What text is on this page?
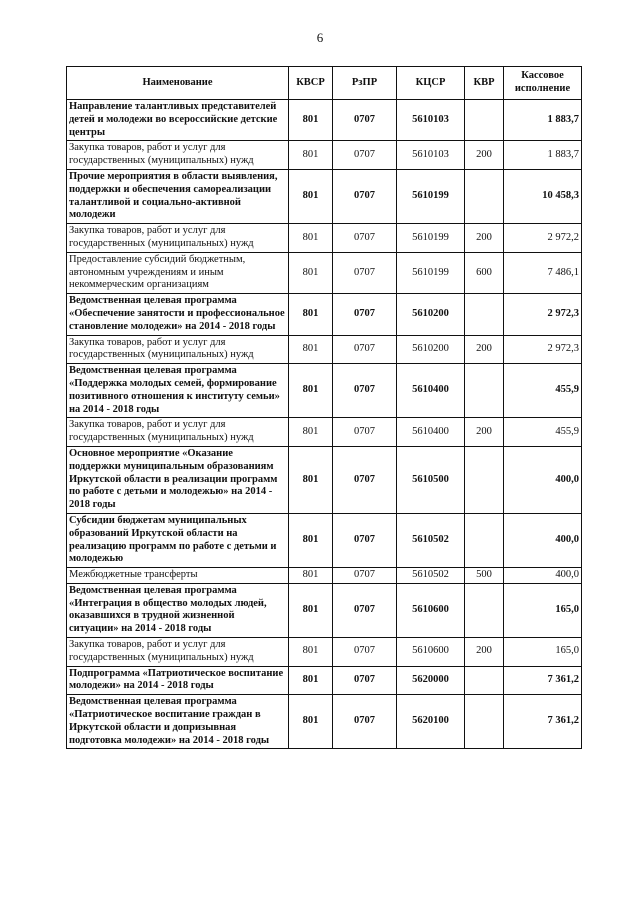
6
Наименование	КВСР	РзПР	КЦСР	КВР	Кассовое исполнение
Направление талантливых представителей детей и молодежи во всероссийские детские центры	801	0707	5610103		1 883,7
Закупка товаров, работ и услуг для государственных (муниципальных) нужд	801	0707	5610103	200	1 883,7
Прочие мероприятия в области выявления, поддержки и обеспечения самореализации талантливой и социально-активной молодежи	801	0707	5610199		10 458,3
Закупка товаров, работ и услуг для государственных (муниципальных) нужд	801	0707	5610199	200	2 972,2
Предоставление субсидий бюджетным, автономным учреждениям и иным некоммерческим организациям	801	0707	5610199	600	7 486,1
Ведомственная целевая программа «Обеспечение занятости и профессиональное становление молодежи» на 2014 - 2018 годы	801	0707	5610200		2 972,3
Закупка товаров, работ и услуг для государственных (муниципальных) нужд	801	0707	5610200	200	2 972,3
Ведомственная целевая программа «Поддержка молодых семей, формирование позитивного отношения к институту семьи» на 2014 - 2018 годы	801	0707	5610400		455,9
Закупка товаров, работ и услуг для государственных (муниципальных) нужд	801	0707	5610400	200	455,9
Основное мероприятие «Оказание поддержки муниципальным образованиям Иркутской области в реализации программ по работе с детьми и молодежью» на 2014 - 2018 годы	801	0707	5610500		400,0
Субсидии бюджетам муниципальных образований Иркутской области на реализацию программ по работе с детьми и молодежью	801	0707	5610502		400,0
Межбюджетные трансферты	801	0707	5610502	500	400,0
Ведомственная целевая программа «Интеграция в общество молодых людей, оказавшихся в трудной жизненной ситуации» на 2014 - 2018 годы	801	0707	5610600		165,0
Закупка товаров, работ и услуг для государственных (муниципальных) нужд	801	0707	5610600	200	165,0
Подпрограмма «Патриотическое воспитание молодежи» на 2014 - 2018 годы	801	0707	5620000		7 361,2
Ведомственная целевая программа «Патриотическое воспитание граждан в Иркутской области и допризывная подготовка молодежи» на 2014 - 2018 годы	801	0707	5620100		7 361,2
